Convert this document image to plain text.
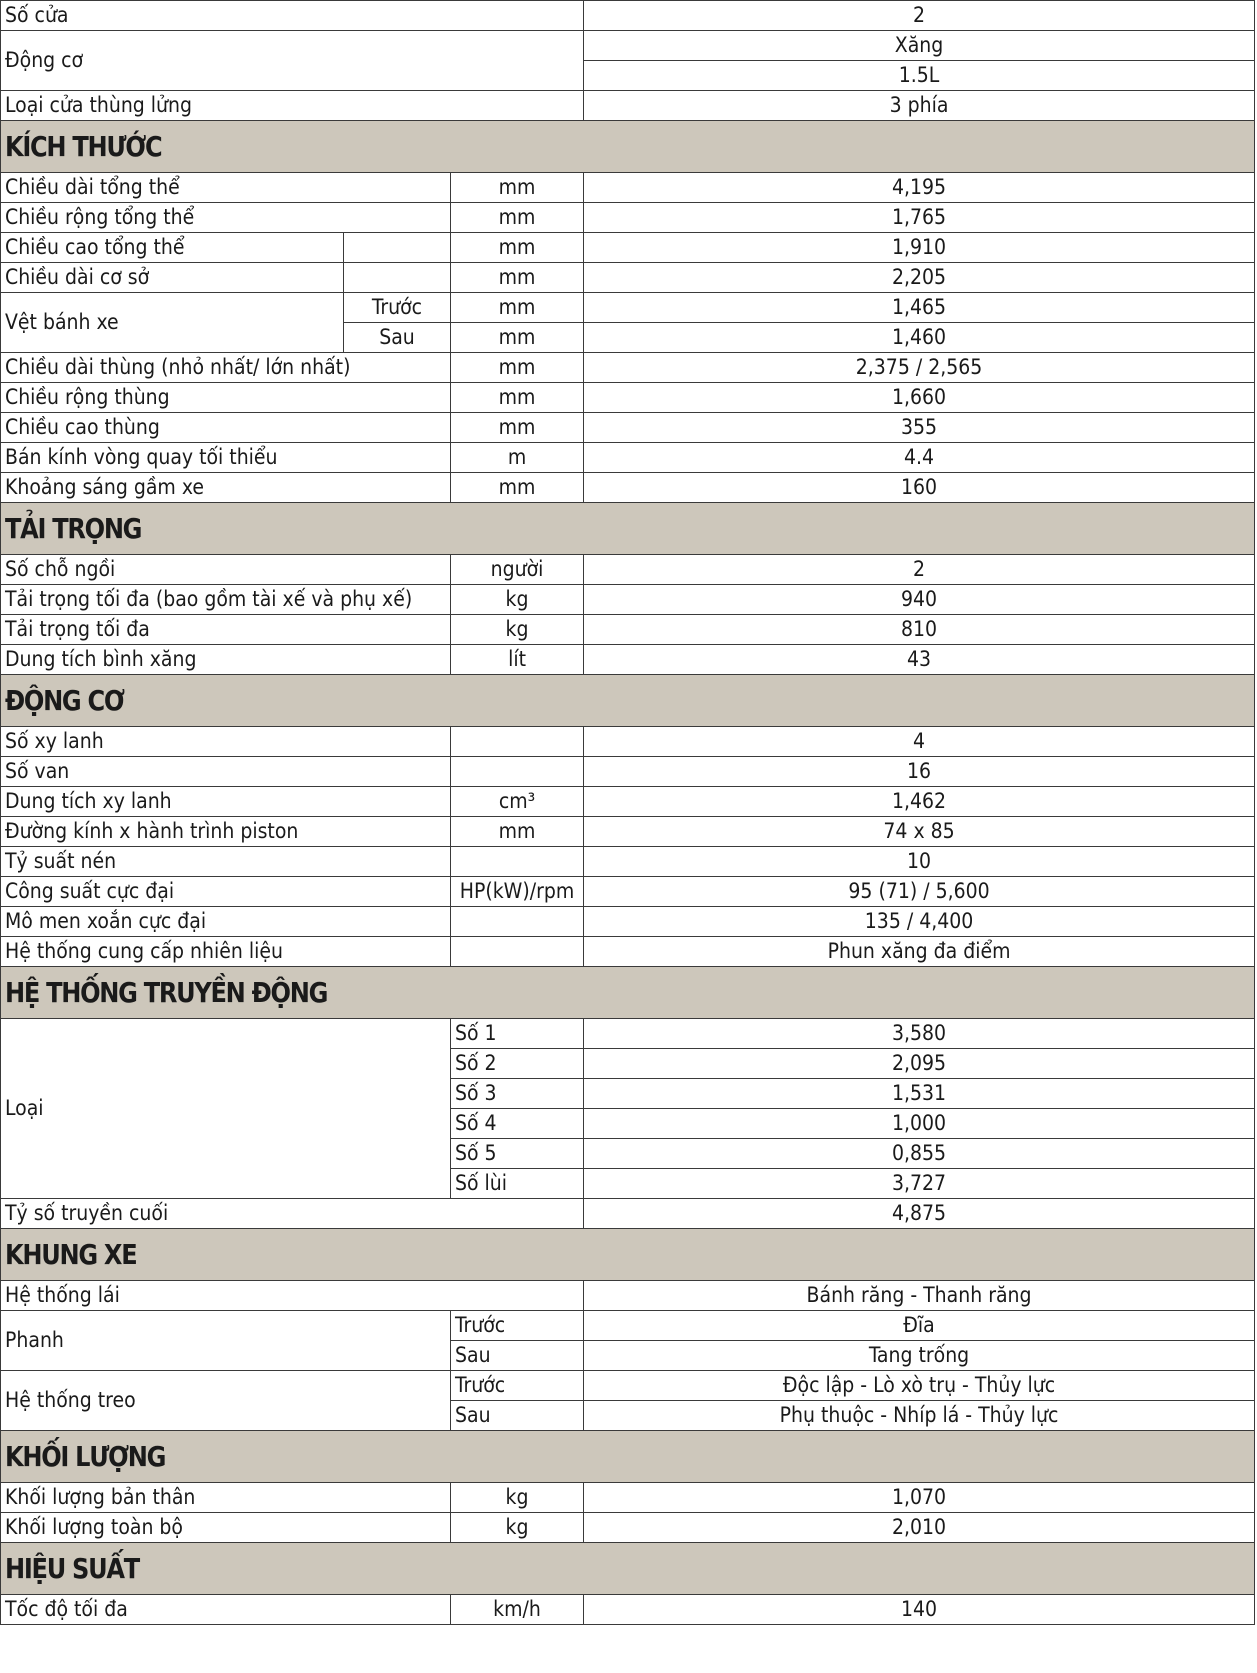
Số cửa			2
Động cơ			Xăng
			1.5L
Loại cửa thùng lửng			3 phía
KÍCH THƯỚC			
Chiều dài tổng thể		mm	4,195
Chiều rộng tổng thể		mm	1,765
Chiều cao tổng thể		mm	1,910
Chiều dài cơ sở		mm	2,205
Vệt bánh xe	Trước	mm	1,465
	Sau	mm	1,460
Chiều dài thùng (nhỏ nhất/ lớn nhất)		mm	2,375 / 2,565
Chiều rộng thùng		mm	1,660
Chiều cao thùng		mm	355
Bán kính vòng quay tối thiểu		m	4.4
Khoảng sáng gầm xe		mm	160
TẢI TRỌNG			
Số chỗ ngồi		người	2
Tải trọng tối đa (bao gồm tài xế và phụ xế)		kg	940
Tải trọng tối đa		kg	810
Dung tích bình xăng		lít	43
ĐỘNG CƠ			
Số xy lanh			4
Số van			16
Dung tích xy lanh		cm³	1,462
Đường kính x hành trình piston		mm	74 x 85
Tỷ suất nén			10
Công suất cực đại		HP(kW)/rpm	95 (71) / 5,600
Mô men xoắn cực đại			135 / 4,400
Hệ thống cung cấp nhiên liệu			Phun xăng đa điểm
HỆ THỐNG TRUYỀN ĐỘNG			
Loại		Số 1	3,580
		Số 2	2,095
		Số 3	1,531
		Số 4	1,000
		Số 5	0,855
		Số lùi	3,727
Tỷ số truyền cuối			4,875
KHUNG XE			
Hệ thống lái			Bánh răng - Thanh răng
Phanh		Trước	Đĩa
		Sau	Tang trống
Hệ thống treo		Trước	Độc lập - Lò xò trụ - Thủy lực
		Sau	Phụ thuộc - Nhíp lá - Thủy lực
KHỐI LƯỢNG			
Khối lượng bản thân		kg	1,070
Khối lượng toàn bộ		kg	2,010
HIỆU SUẤT			
Tốc độ tối đa		km/h	140
